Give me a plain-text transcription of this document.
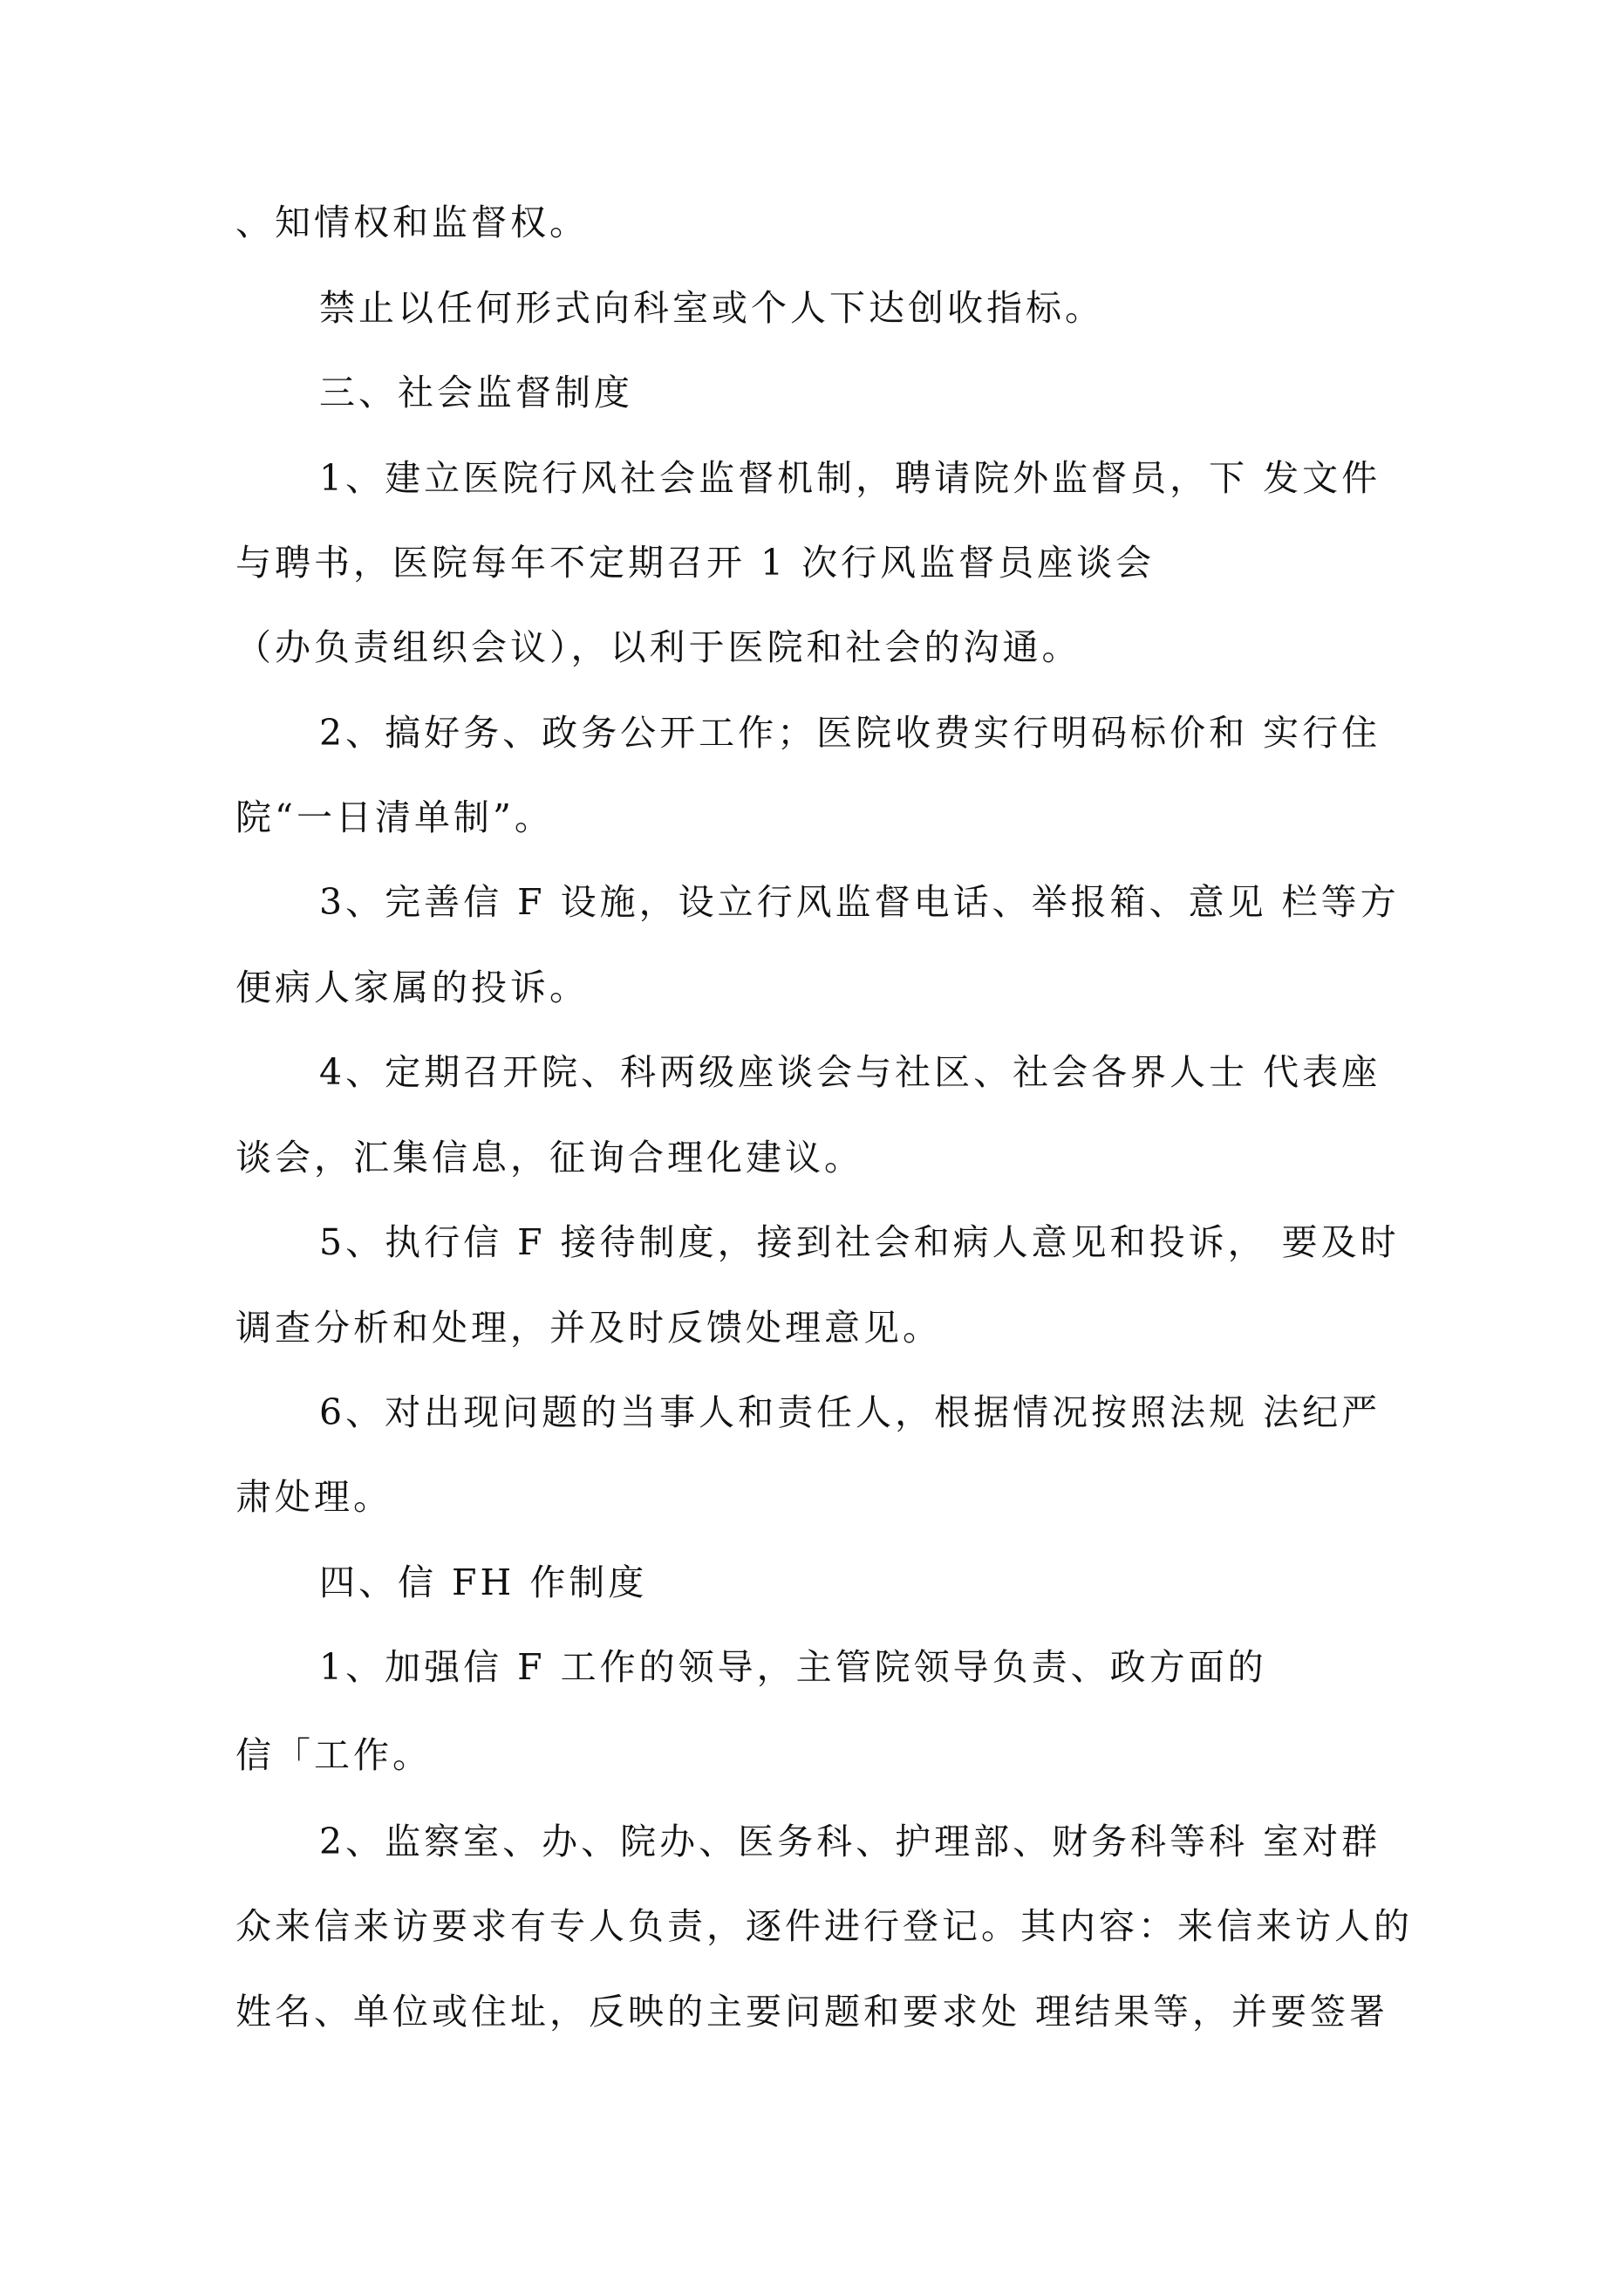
、知情权和监督权。
禁止以任何形式向科室或个人下达创收指标。
三、社会监督制度
1、建立医院行风社会监督机制，聘请院外监督员，下 发文件
与聘书，医院每年不定期召开 1 次行风监督员座谈会
（办负责组织会议），以利于医院和社会的沟通。
2、搞好务、政务公开工作；医院收费实行明码标价和 实行住
院“一日清单制”。
3、完善信 F 设施，设立行风监督电话、举报箱、意见 栏等方
便病人家属的投诉。
4、定期召开院、科两级座谈会与社区、社会各界人士 代表座
谈会，汇集信息，征询合理化建议。
5、执行信 F 接待制度，接到社会和病人意见和投诉， 要及时
调查分析和处理，并及时反馈处理意见。
6、对出现问题的当事人和责任人，根据情况按照法规 法纪严
肃处理。
四、信 FH 作制度
1、加强信 F 工作的领导，主管院领导负责、政方面的
信「工作。
2、监察室、办、院办、医务科、护理部、财务科等科 室对群
众来信来访要求有专人负责，逐件进行登记。其内容：来信来访人的
姓名、单位或住址，反映的主要问题和要求处 理结果等，并要签署
